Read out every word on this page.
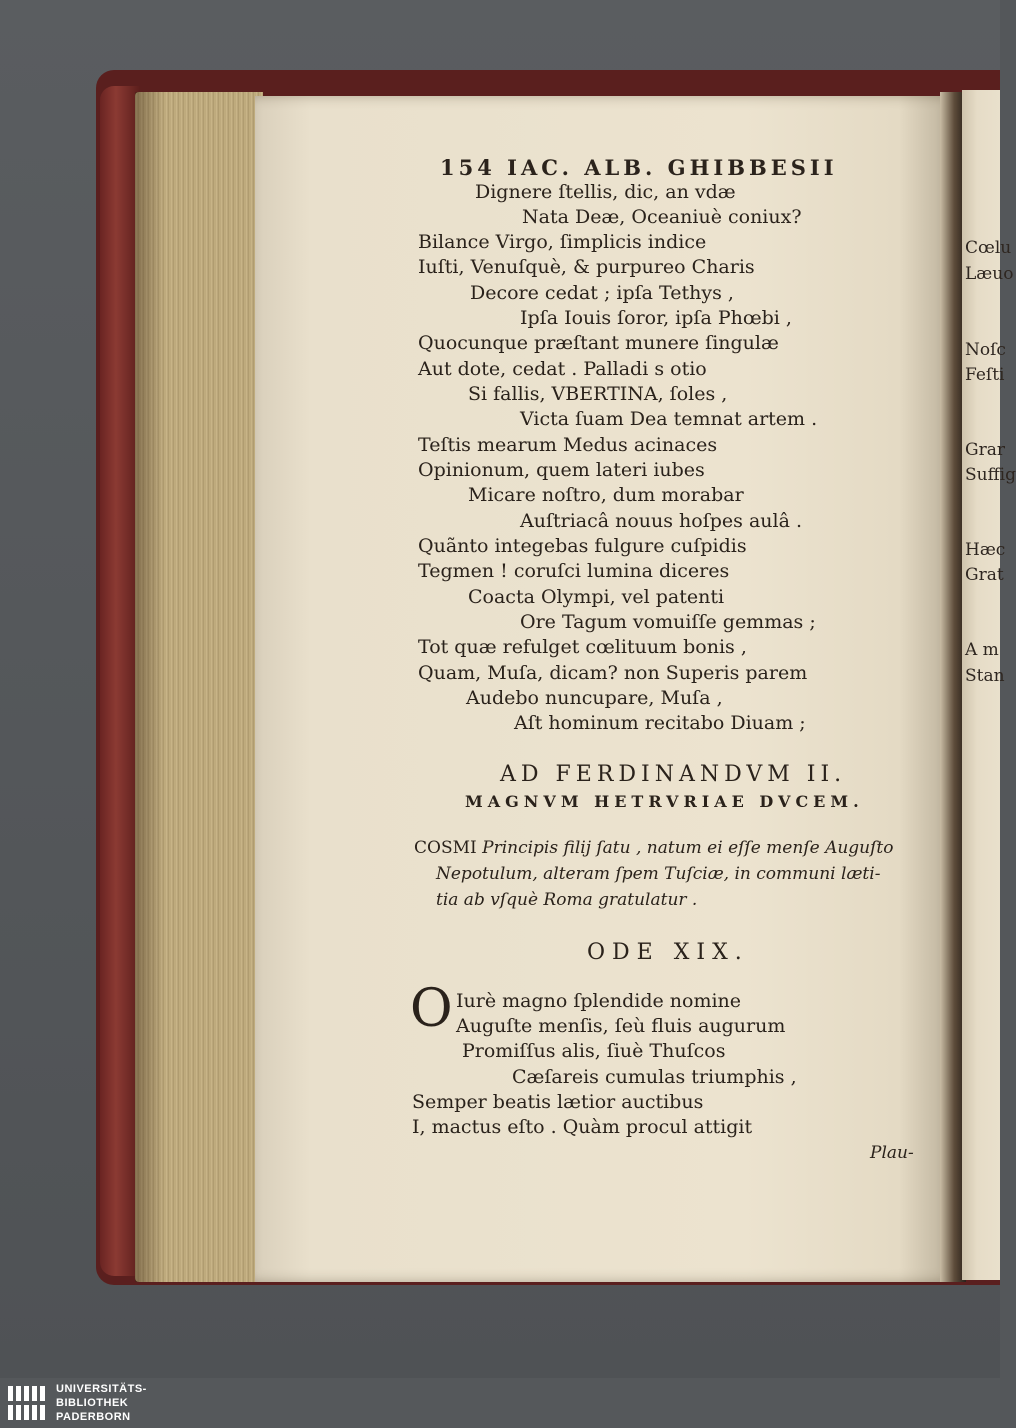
Cœlu
Læuo
Noſc
Feſti
Grar
Suffig
Hæc
Grat
A m
Stan
154 IAC. ALB. GHIBBESII
Dignere ſtellis, dic, an vdæ
Nata Deæ, Oceaniuè coniux?
Bilance Virgo, ſimplicis indice
Iuſti, Venuſquè, & purpureo Charis
Decore cedat ; ipſa Tethys ,
Ipſa Iouis ſoror, ipſa Phœbi ,
Quocunque præſtant munere ſingulæ
Aut dote, cedat . Palladi s otio
Si fallis, VBERTINA, ſoles ,
Victa ſuam Dea temnat artem .
Teſtis mearum Medus acinaces
Opinionum, quem lateri iubes
Micare noſtro, dum morabar
Auſtriacâ nouus hoſpes aulâ .
Quãnto integebas fulgure cuſpidis
Tegmen ! coruſci lumina diceres
Coacta Olympi, vel patenti
Ore Tagum vomuiſſe gemmas ;
Tot quæ refulget cœlituum bonis ,
Quam, Muſa, dicam? non Superis parem
Audebo nuncupare, Muſa ,
Aſt hominum recitabo Diuam ;
AD FERDINANDVM II.
MAGNVM HETRVRIAE DVCEM.
COSMI Principis filij ſatu , natum ei eſſe menſe Auguſto
Nepotulum, alteram ſpem Tuſciæ, in communi læti-
tia ab vſquè Roma gratulatur .
ODE XIX.
O Iurè magno ſplendide nomine
Auguſte menſis, ſeù fluis augurum
Promiſſus alis, ſiuè Thuſcos
Cæſareis cumulas triumphis ,
Semper beatis lætior auctibus
I, mactus eſto . Quàm procul attigit
Plau-
UNIVERSITÄTS-
BIBLIOTHEK
PADERBORN
